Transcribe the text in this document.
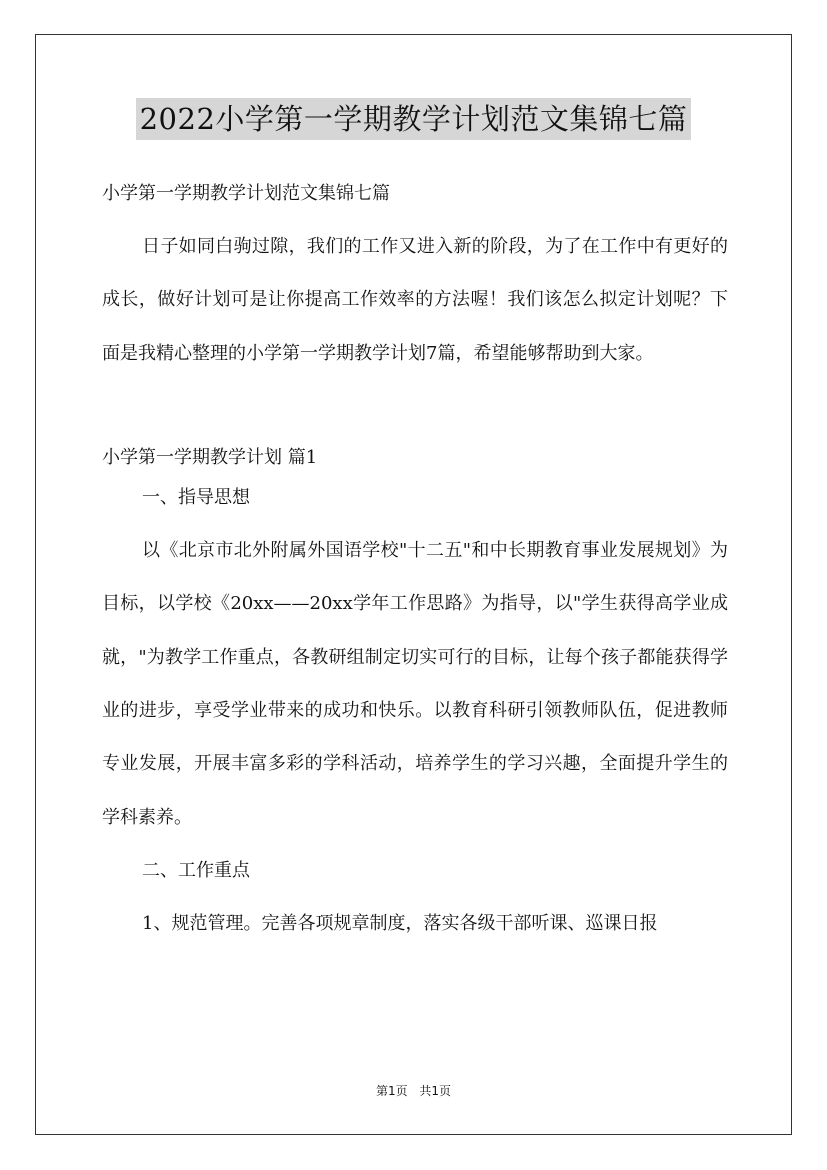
2022小学第一学期教学计划范文集锦七篇

小学第一学期教学计划范文集锦七篇

日子如同白驹过隙，我们的工作又进入新的阶段，为了在工作中有更好的成长，做好计划可是让你提高工作效率的方法喔！我们该怎么拟定计划呢？下面是我精心整理的小学第一学期教学计划7篇，希望能够帮助到大家。

小学第一学期教学计划 篇1

一、指导思想

以《北京市北外附属外国语学校"十二五"和中长期教育事业发展规划》为目标，以学校《20xx——20xx学年工作思路》为指导，以"学生获得高学业成就，"为教学工作重点，各教研组制定切实可行的目标，让每个孩子都能获得学业的进步，享受学业带来的成功和快乐。以教育科研引领教师队伍，促进教师专业发展，开展丰富多彩的学科活动，培养学生的学习兴趣，全面提升学生的学科素养。

二、工作重点

1、规范管理。完善各项规章制度，落实各级干部听课、巡课日报

第1页 共1页
